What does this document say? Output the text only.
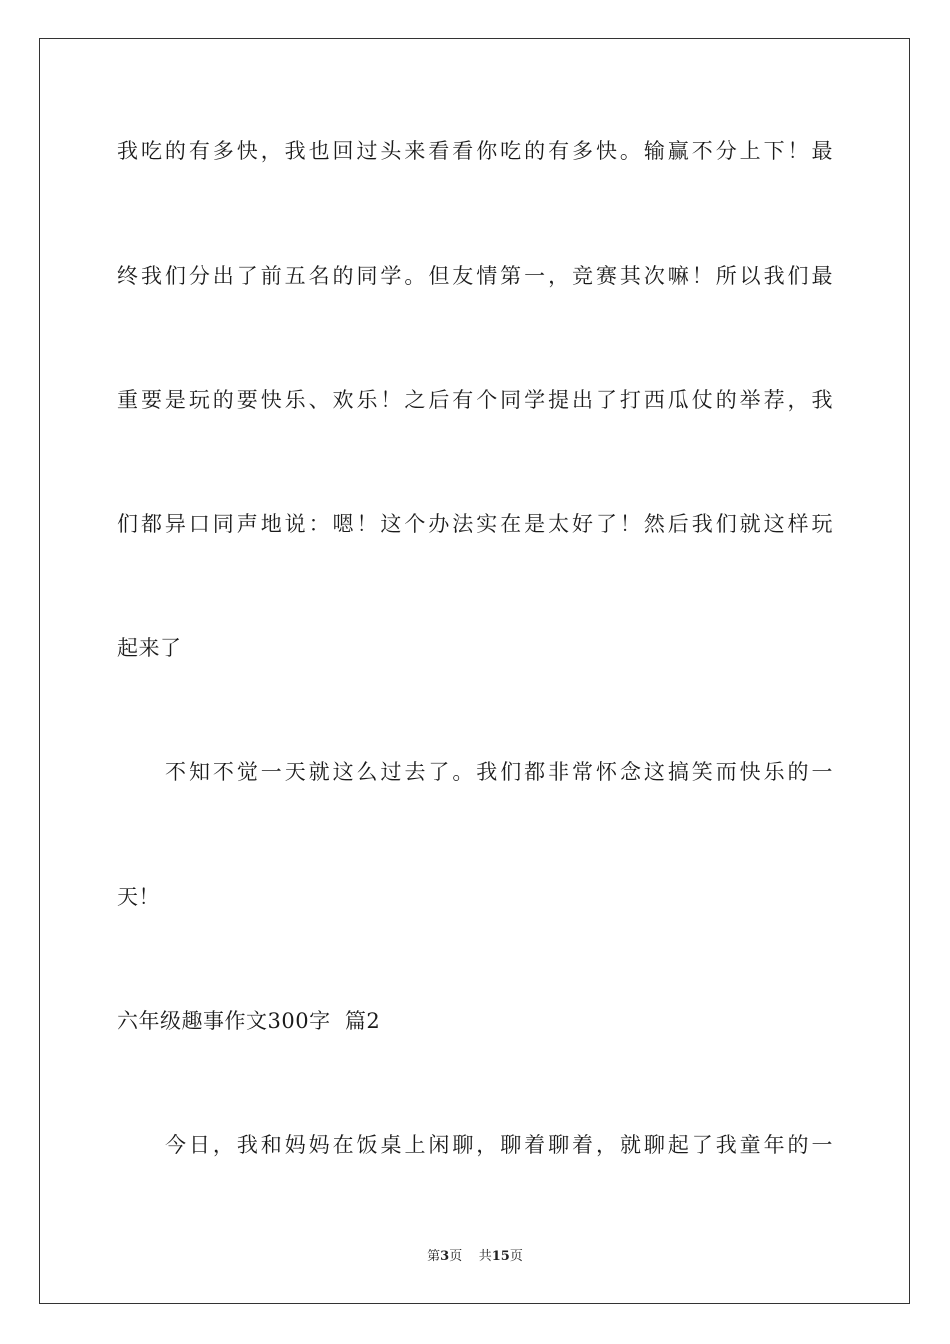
我吃的有多快，我也回过头来看看你吃的有多快。输赢不分上下！最
终我们分出了前五名的同学。但友情第一，竞赛其次嘛！所以我们最
重要是玩的要快乐、欢乐！之后有个同学提出了打西瓜仗的举荐，我
们都异口同声地说：嗯！这个办法实在是太好了！然后我们就这样玩
起来了
不知不觉一天就这么过去了。我们都非常怀念这搞笑而快乐的一
天！
六年级趣事作文300字  篇2
今日，我和妈妈在饭桌上闲聊，聊着聊着，就聊起了我童年的一
第3页 共15页
